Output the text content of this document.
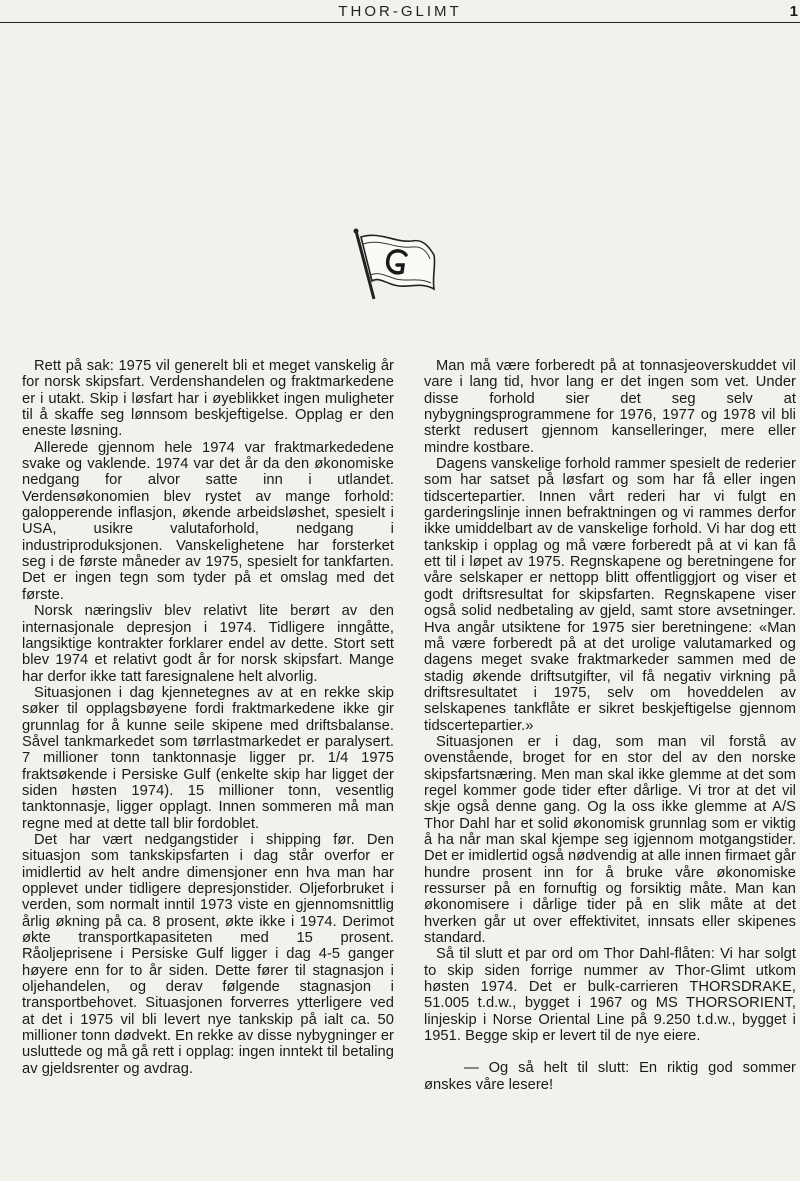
THOR-GLIMT	1

Rett på sak: 1975 vil generelt bli et meget vanskelig år for norsk skipsfart. Verdenshandelen og fraktmarkedene er i utakt. Skip i løsfart har i øyeblikket ingen muligheter til å skaffe seg lønnsom beskjeftigelse. Opplag er den eneste løsning.

Allerede gjennom hele 1974 var fraktmarkededene svake og vaklende. 1974 var det år da den økonomiske nedgang for alvor satte inn i utlandet. Verdensøkonomien blev rystet av mange forhold: galopperende inflasjon, økende arbeidsløshet, spesielt i USA, usikre valutaforhold, nedgang i industriproduksjonen. Vanskelighetene har forsterket seg i de første måneder av 1975, spesielt for tankfarten. Det er ingen tegn som tyder på et omslag med det første.

Norsk næringsliv blev relativt lite berørt av den internasjonale depresjon i 1974. Tidligere inngåtte, langsiktige kontrakter forklarer endel av dette. Stort sett blev 1974 et relativt godt år for norsk skipsfart. Mange har derfor ikke tatt faresignalene helt alvorlig.

Situasjonen i dag kjennetegnes av at en rekke skip søker til opplagsbøyene fordi fraktmarkedene ikke gir grunnlag for å kunne seile skipene med driftsbalanse. Såvel tankmarkedet som tørrlastmarkedet er paralysert. 7 millioner tonn tanktonnasje ligger pr. 1/4 1975 fraktsøkende i Persiske Gulf (enkelte skip har ligget der siden høsten 1974). 15 millioner tonn, vesentlig tanktonnasje, ligger opplagt. Innen sommeren må man regne med at dette tall blir fordoblet.

Det har vært nedgangstider i shipping før. Den situasjon som tankskipsfarten i dag står overfor er imidlertid av helt andre dimensjoner enn hva man har opplevet under tidligere depresjonstider. Oljeforbruket i verden, som normalt inntil 1973 viste en gjennomsnittlig årlig økning på ca. 8 prosent, økte ikke i 1974. Derimot økte transportkapasiteten med 15 prosent. Råoljeprisene i Persiske Gulf ligger i dag 4-5 ganger høyere enn for to år siden. Dette fører til stagnasjon i oljehandelen, og derav følgende stagnasjon i transportbehovet. Situasjonen forverres ytterligere ved at det i 1975 vil bli levert nye tankskip på ialt ca. 50 millioner tonn dødvekt. En rekke av disse nybygninger er usluttede og må gå rett i opplag: ingen inntekt til betaling av gjeldsrenter og avdrag.

Man må være forberedt på at tonnasjeoverskuddet vil vare i lang tid, hvor lang er det ingen som vet. Under disse forhold sier det seg selv at nybygningsprogrammene for 1976, 1977 og 1978 vil bli sterkt redusert gjennom kanselleringer, mere eller mindre kostbare.

Dagens vanskelige forhold rammer spesielt de rederier som har satset på løsfart og som har få eller ingen tidscertepartier. Innen vårt rederi har vi fulgt en garderingslinje innen befraktningen og vi rammes derfor ikke umiddelbart av de vanskelige forhold. Vi har dog ett tankskip i opplag og må være forberedt på at vi kan få ett til i løpet av 1975. Regnskapene og beretningene for våre selskaper er nettopp blitt offentliggjort og viser et godt driftsresultat for skipsfarten. Regnskapene viser også solid nedbetaling av gjeld, samt store avsetninger. Hva angår utsiktene for 1975 sier beretningene: «Man må være forberedt på at det urolige valutamarked og dagens meget svake fraktmarkeder sammen med de stadig økende driftsutgifter, vil få negativ virkning på driftsresultatet i 1975, selv om hoveddelen av selskapenes tankflåte er sikret beskjeftigelse gjennom tidscertepartier.»

Situasjonen er i dag, som man vil forstå av ovenstående, broget for en stor del av den norske skipsfartsnæring. Men man skal ikke glemme at det som regel kommer gode tider efter dårlige. Vi tror at det vil skje også denne gang. Og la oss ikke glemme at A/S Thor Dahl har et solid økonomisk grunnlag som er viktig å ha når man skal kjempe seg igjennom motgangstider. Det er imidlertid også nødvendig at alle innen firmaet går hundre prosent inn for å bruke våre økonomiske ressurser på en fornuftig og forsiktig måte. Man kan økonomisere i dårlige tider på en slik måte at det hverken går ut over effektivitet, innsats eller skipenes standard.

Så til slutt et par ord om Thor Dahl-flåten: Vi har solgt to skip siden forrige nummer av Thor-Glimt utkom høsten 1974. Det er bulk-carrieren THORSDRAKE, 51.005 t.d.w., bygget i 1967 og MS THORSORIENT, linjeskip i Norse Oriental Line på 9.250 t.d.w., bygget i 1951. Begge skip er levert til de nye eiere.

— Og så helt til slutt: En riktig god sommer ønskes våre lesere!
